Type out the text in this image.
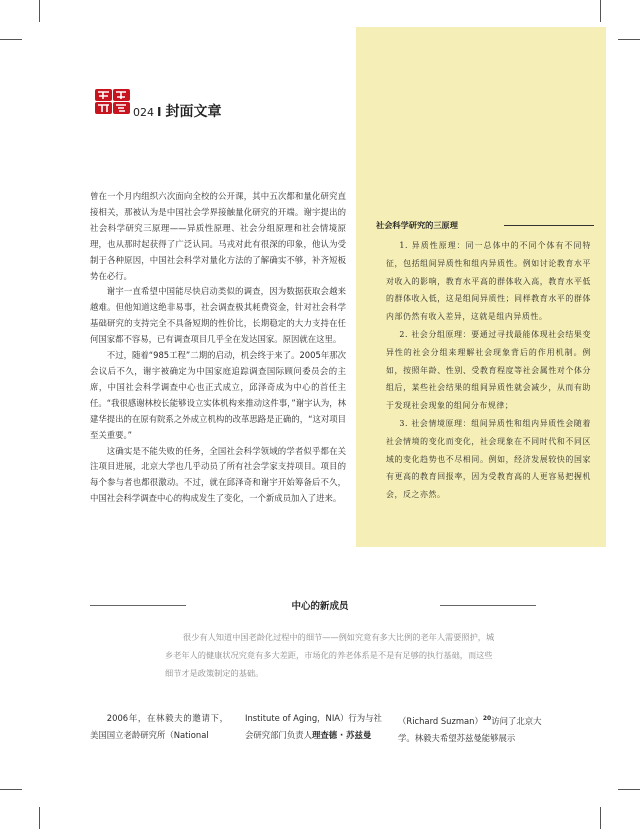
024 I 封面文章

曾在一个月内组织六次面向全校的公开课，其中五次都和量化研究直接相关，那被认为是中国社会学界接触量化研究的开端。谢宇提出的社会科学研究三原理——异质性原理、社会分组原理和社会情境原理，也从那时起获得了广泛认同。马戎对此有很深的印象，他认为受制于各种原因，中国社会科学对量化方法的了解确实不够，补齐短板势在必行。

谢宇一直希望中国能尽快启动类似的调查，因为数据获取会越来越难。但他知道这绝非易事，社会调查极其耗费资金，针对社会科学基础研究的支持完全不具备短期的性价比，长期稳定的大力支持在任何国家都不容易，已有调查项目几乎全在发达国家。原因就在这里。

不过，随着“985工程”二期的启动，机会终于来了。2005年那次会议后不久，谢宇被确定为中国家庭追踪调查国际顾问委员会的主席，中国社会科学调查中心也正式成立，邱泽奇成为中心的首任主任。“我很感谢林校长能够设立实体机构来推动这件事，”谢宇认为，林建华提出的在原有院系之外成立机构的改革思路是正确的，“这对项目至关重要。”

这确实是不能失败的任务，全国社会科学领域的学者似乎都在关注项目进展，北京大学也几乎动员了所有社会学家支持项目。项目的每个参与者也都很激动。不过，就在邱泽奇和谢宇开始筹备后不久，中国社会科学调查中心的构成发生了变化，一个新成员加入了进来。

社会科学研究的三原理

1. 异质性原理：同一总体中的不同个体有不同特征，包括组间异质性和组内异质性。例如讨论教育水平对收入的影响，教育水平高的群体收入高，教育水平低的群体收入低，这是组间异质性；同样教育水平的群体内部仍然有收入差异，这就是组内异质性。

2. 社会分组原理：要通过寻找最能体现社会结果变异性的社会分组来理解社会现象背后的作用机制。例如，按照年龄、性别、受教育程度等社会属性对个体分组后，某些社会结果的组间异质性就会减少，从而有助于发现社会现象的组间分布规律；

3. 社会情境原理：组间异质性和组内异质性会随着社会情境的变化而变化，社会现象在不同时代和不同区域的变化趋势也不尽相同。例如，经济发展较快的国家有更高的教育回报率，因为受教育高的人更容易把握机会，反之亦然。

中心的新成员

很少有人知道中国老龄化过程中的细节——例如究竟有多大比例的老年人需要照护，城乡老年人的健康状况究竟有多大差距，市场化的养老体系是不是有足够的执行基础，而这些细节才是政策制定的基础。

2006年，在林毅夫的邀请下，美国国立老龄研究所（National
Institute of Aging，NIA）行为与社会研究部门负责人理查德 · 苏兹曼
（Richard Suzman）$^{20}$访问了北京大学。林毅夫希望苏兹曼能够展示
